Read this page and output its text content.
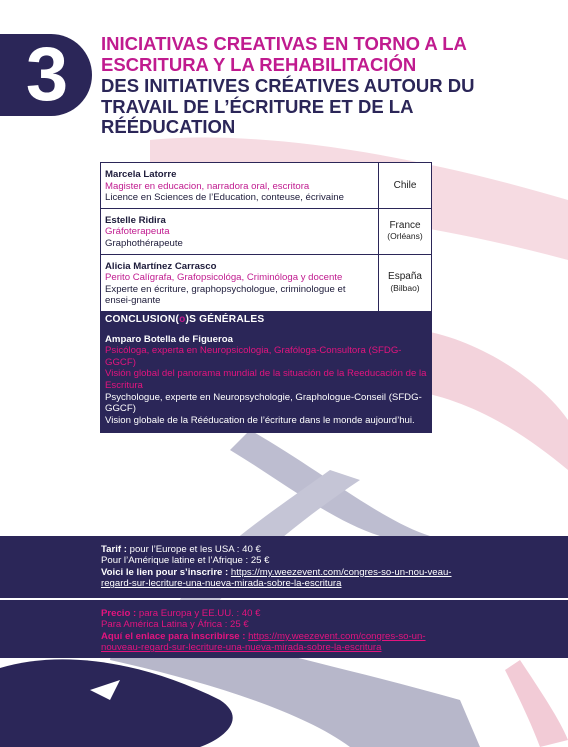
3	INICIATIVAS CREATIVAS EN TORNO A LA ESCRITURA Y LA REHABILITACIÓN
DES INITIATIVES CRÉATIVES AUTOUR DU TRAVAIL DE L’ÉCRITURE ET DE LA RÉÉDUCATION
Marcela Latorre
Magister en educacion, narradora oral, escritora
Licence en Sciences de l’Education, conteuse, écrivaine
Chile
Estelle Ridira
Gráfoterapeuta
Graphothérapeute
France
(Orléans)
Alicia Martínez Carrasco
Perito Calígrafa, Grafopsicológa, Criminóloga y docente
Experte en écriture, graphopsychologue, criminologue et ensei-gnante
España
(Bilbao)
CONCLUSION(o)S GÉNÉRALES
Amparo Botella de Figueroa
Psicóloga, experta en Neuropsicologia, Grafóloga-Consultora (SFDG-GGCF)
Visión global del panorama mundial de la situación de la Reeducación de la Escritura
Psychologue, experte en Neuropsychologie, Graphologue-Conseil (SFDG-GGCF)
Vision globale de la Rééducation de l’écriture dans le monde aujourd’hui.
Tarif : pour l’Europe et les USA : 40 €
Pour l’Amérique latine et l’Afrique : 25 €
Voici le lien pour s’inscrire : https://my.weezevent.com/congres-so-un-nou-veau-regard-sur-lecriture-una-nueva-mirada-sobre-la-escritura
Precio : para Europa y EE.UU. : 40 €
Para América Latina y África : 25 €
Aquí el enlace para inscribirse : https://my.weezevent.com/congres-so-un-nouveau-regard-sur-lecriture-una-nueva-mirada-sobre-la-escritura
